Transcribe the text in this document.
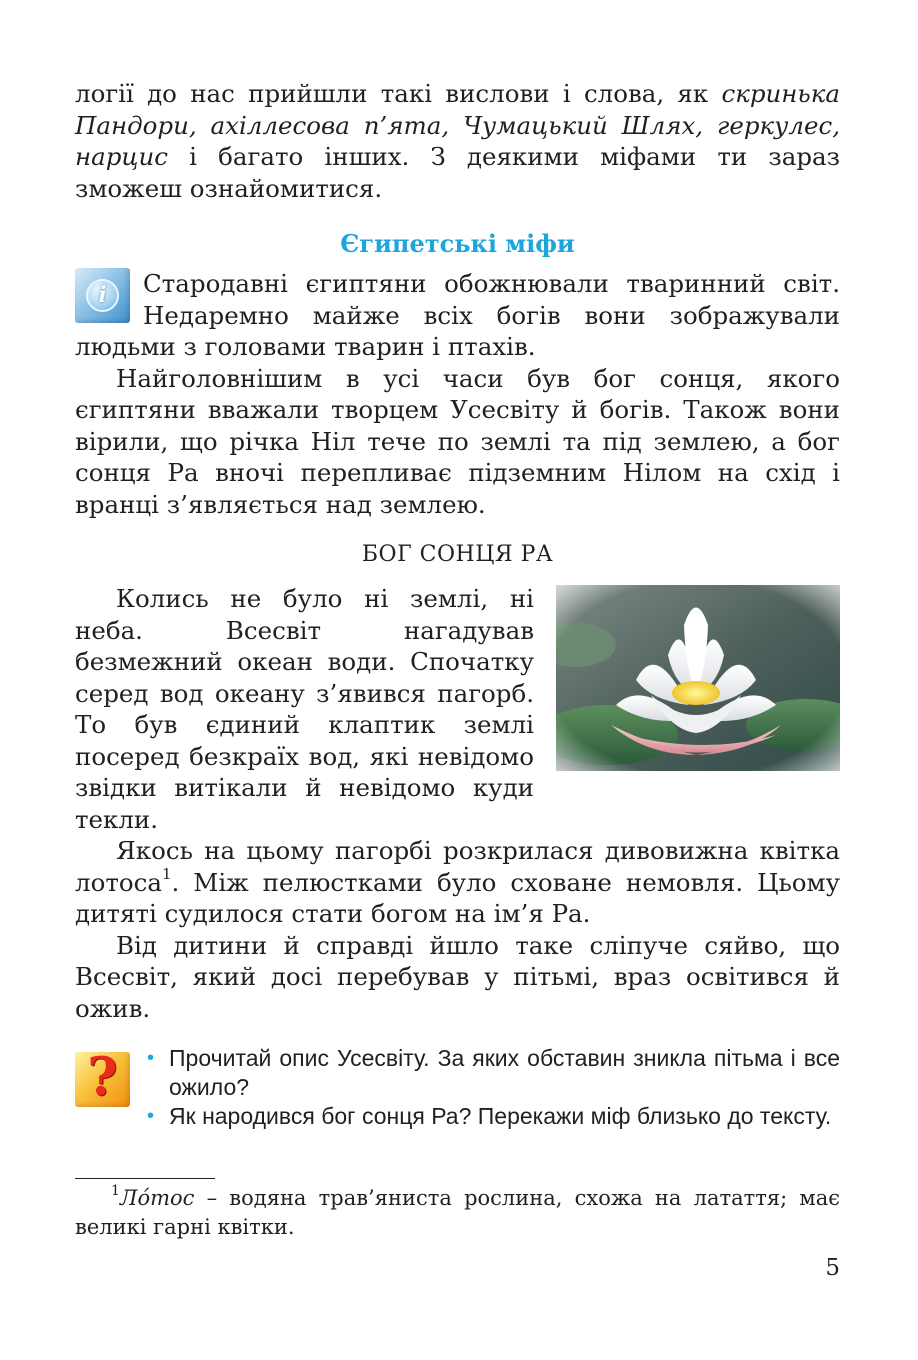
логії до нас прийшли такі вислови і слова, як скринька Пандори, ахіллесова п’ята, Чумацький Шлях, геркулес, нарцис і багато інших. З деякими міфами ти зараз зможеш ознайомитися.

Єгипетські міфи
i	Стародавні єгиптяни обожнювали тваринний світ. Недаремно майже всіх богів вони зображували людьми з головами тварин і птахів.

Найголовнішим в усі часи був бог сонця, якого єгиптяни вважали творцем Усесвіту й богів. Також вони вірили, що річка Ніл тече по землі та під землею, а бог сонця Ра вночі перепливає підземним Нілом на схід і вранці з’являється над землею.

БОГ СОНЦЯ РА

Колись не було ні землі, ні неба. Всесвіт нагадував безмежний океан води. Спочатку серед вод океану з’явився пагорб. То був єдиний клаптик землі посеред безкраїх вод, які невідомо звідки витікали й невідомо куди текли.

Якось на цьому пагорбі розкрилася дивовижна квітка лотоса$^1$. Між пелюстками було сховане немовля. Цьому дитяті судилося стати богом на ім’я Ра.

Від дитини й справді йшло таке сліпуче сяйво, що Всесвіт, який досі перебував у пітьмі, враз освітився й ожив.

?	• Прочитай опис Усесвіту. За яких обставин зникла пітьма і все ожило?
• Як народився бог сонця Ра? Перекажи міф близько до тексту.

$^1$Лóтос – водяна трав’яниста рослина, схожа на латаття; має великі гарні квітки.

5
